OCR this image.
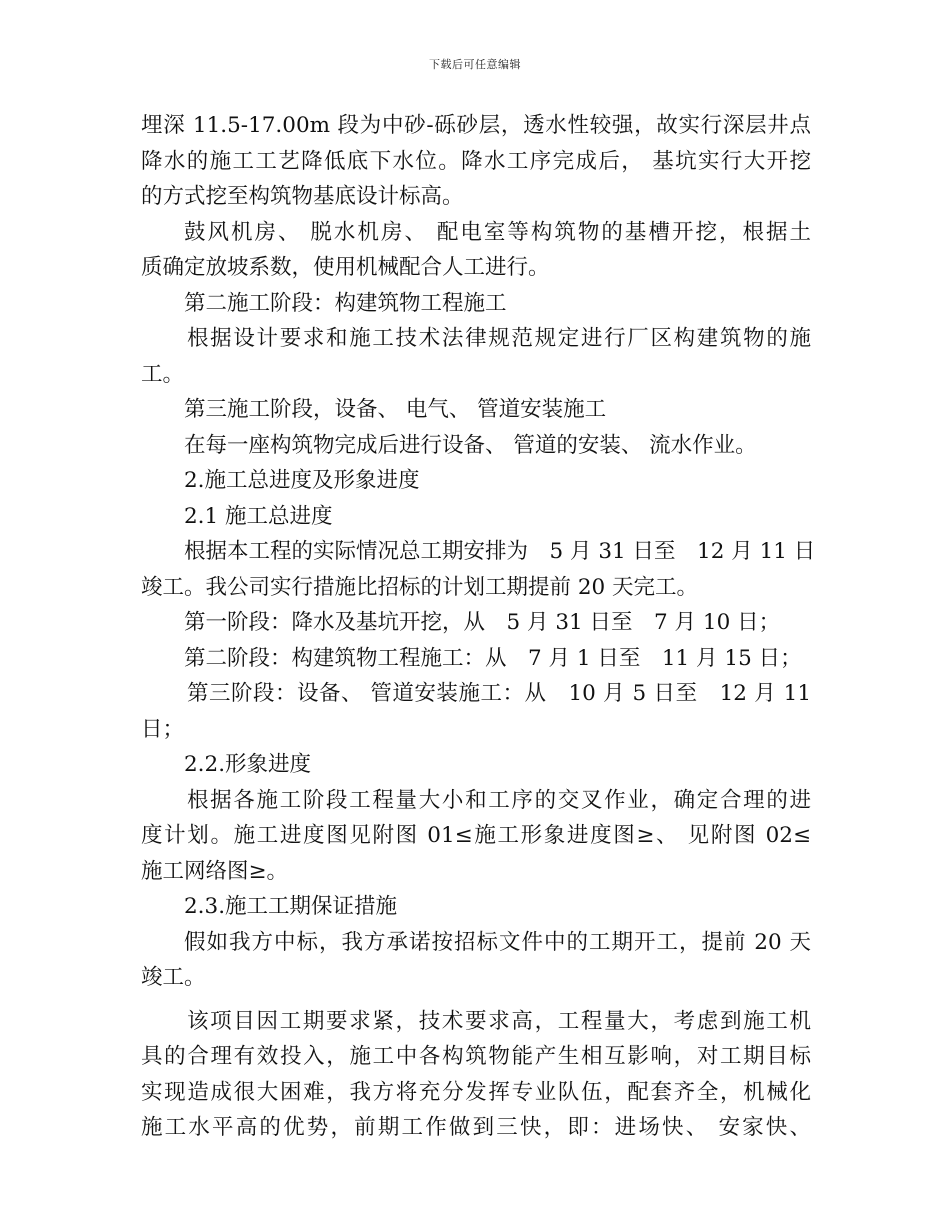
下载后可任意编辑
埋深 11.5-17.00m 段为中砂-砾砂层，透水性较强，故实行深层井点
降水的施工工艺降低底下水位。降水工序完成后， 基坑实行大开挖
的方式挖至构筑物基底设计标高。
鼓风机房、 脱水机房、 配电室等构筑物的基槽开挖，根据土
质确定放坡系数，使用机械配合人工进行。
第二施工阶段：构建筑物工程施工
根据设计要求和施工技术法律规范规定进行厂区构建筑物的施
工。
第三施工阶段，设备、 电气、 管道安装施工
在每一座构筑物完成后进行设备、 管道的安装、 流水作业。
2.施工总进度及形象进度
2.1 施工总进度
根据本工程的实际情况总工期安排为　5 月 31 日至　12 月 11 日
竣工。我公司实行措施比招标的计划工期提前 20 天完工。
第一阶段：降水及基坑开挖，从　5 月 31 日至　7 月 10 日；
第二阶段：构建筑物工程施工：从　7 月 1 日至　11 月 15 日；
第三阶段：设备、 管道安装施工：从　10 月 5 日至　12 月 11
日；
2.2.形象进度
根据各施工阶段工程量大小和工序的交叉作业，确定合理的进
度计划。施工进度图见附图 01≤施工形象进度图≥、 见附图 02≤
施工网络图≥。
2.3.施工工期保证措施
假如我方中标，我方承诺按招标文件中的工期开工，提前 20 天
竣工。
该项目因工期要求紧，技术要求高，工程量大，考虑到施工机
具的合理有效投入，施工中各构筑物能产生相互影响，对工期目标
实现造成很大困难，我方将充分发挥专业队伍，配套齐全，机械化
施工水平高的优势，前期工作做到三快，即：进场快、 安家快、
